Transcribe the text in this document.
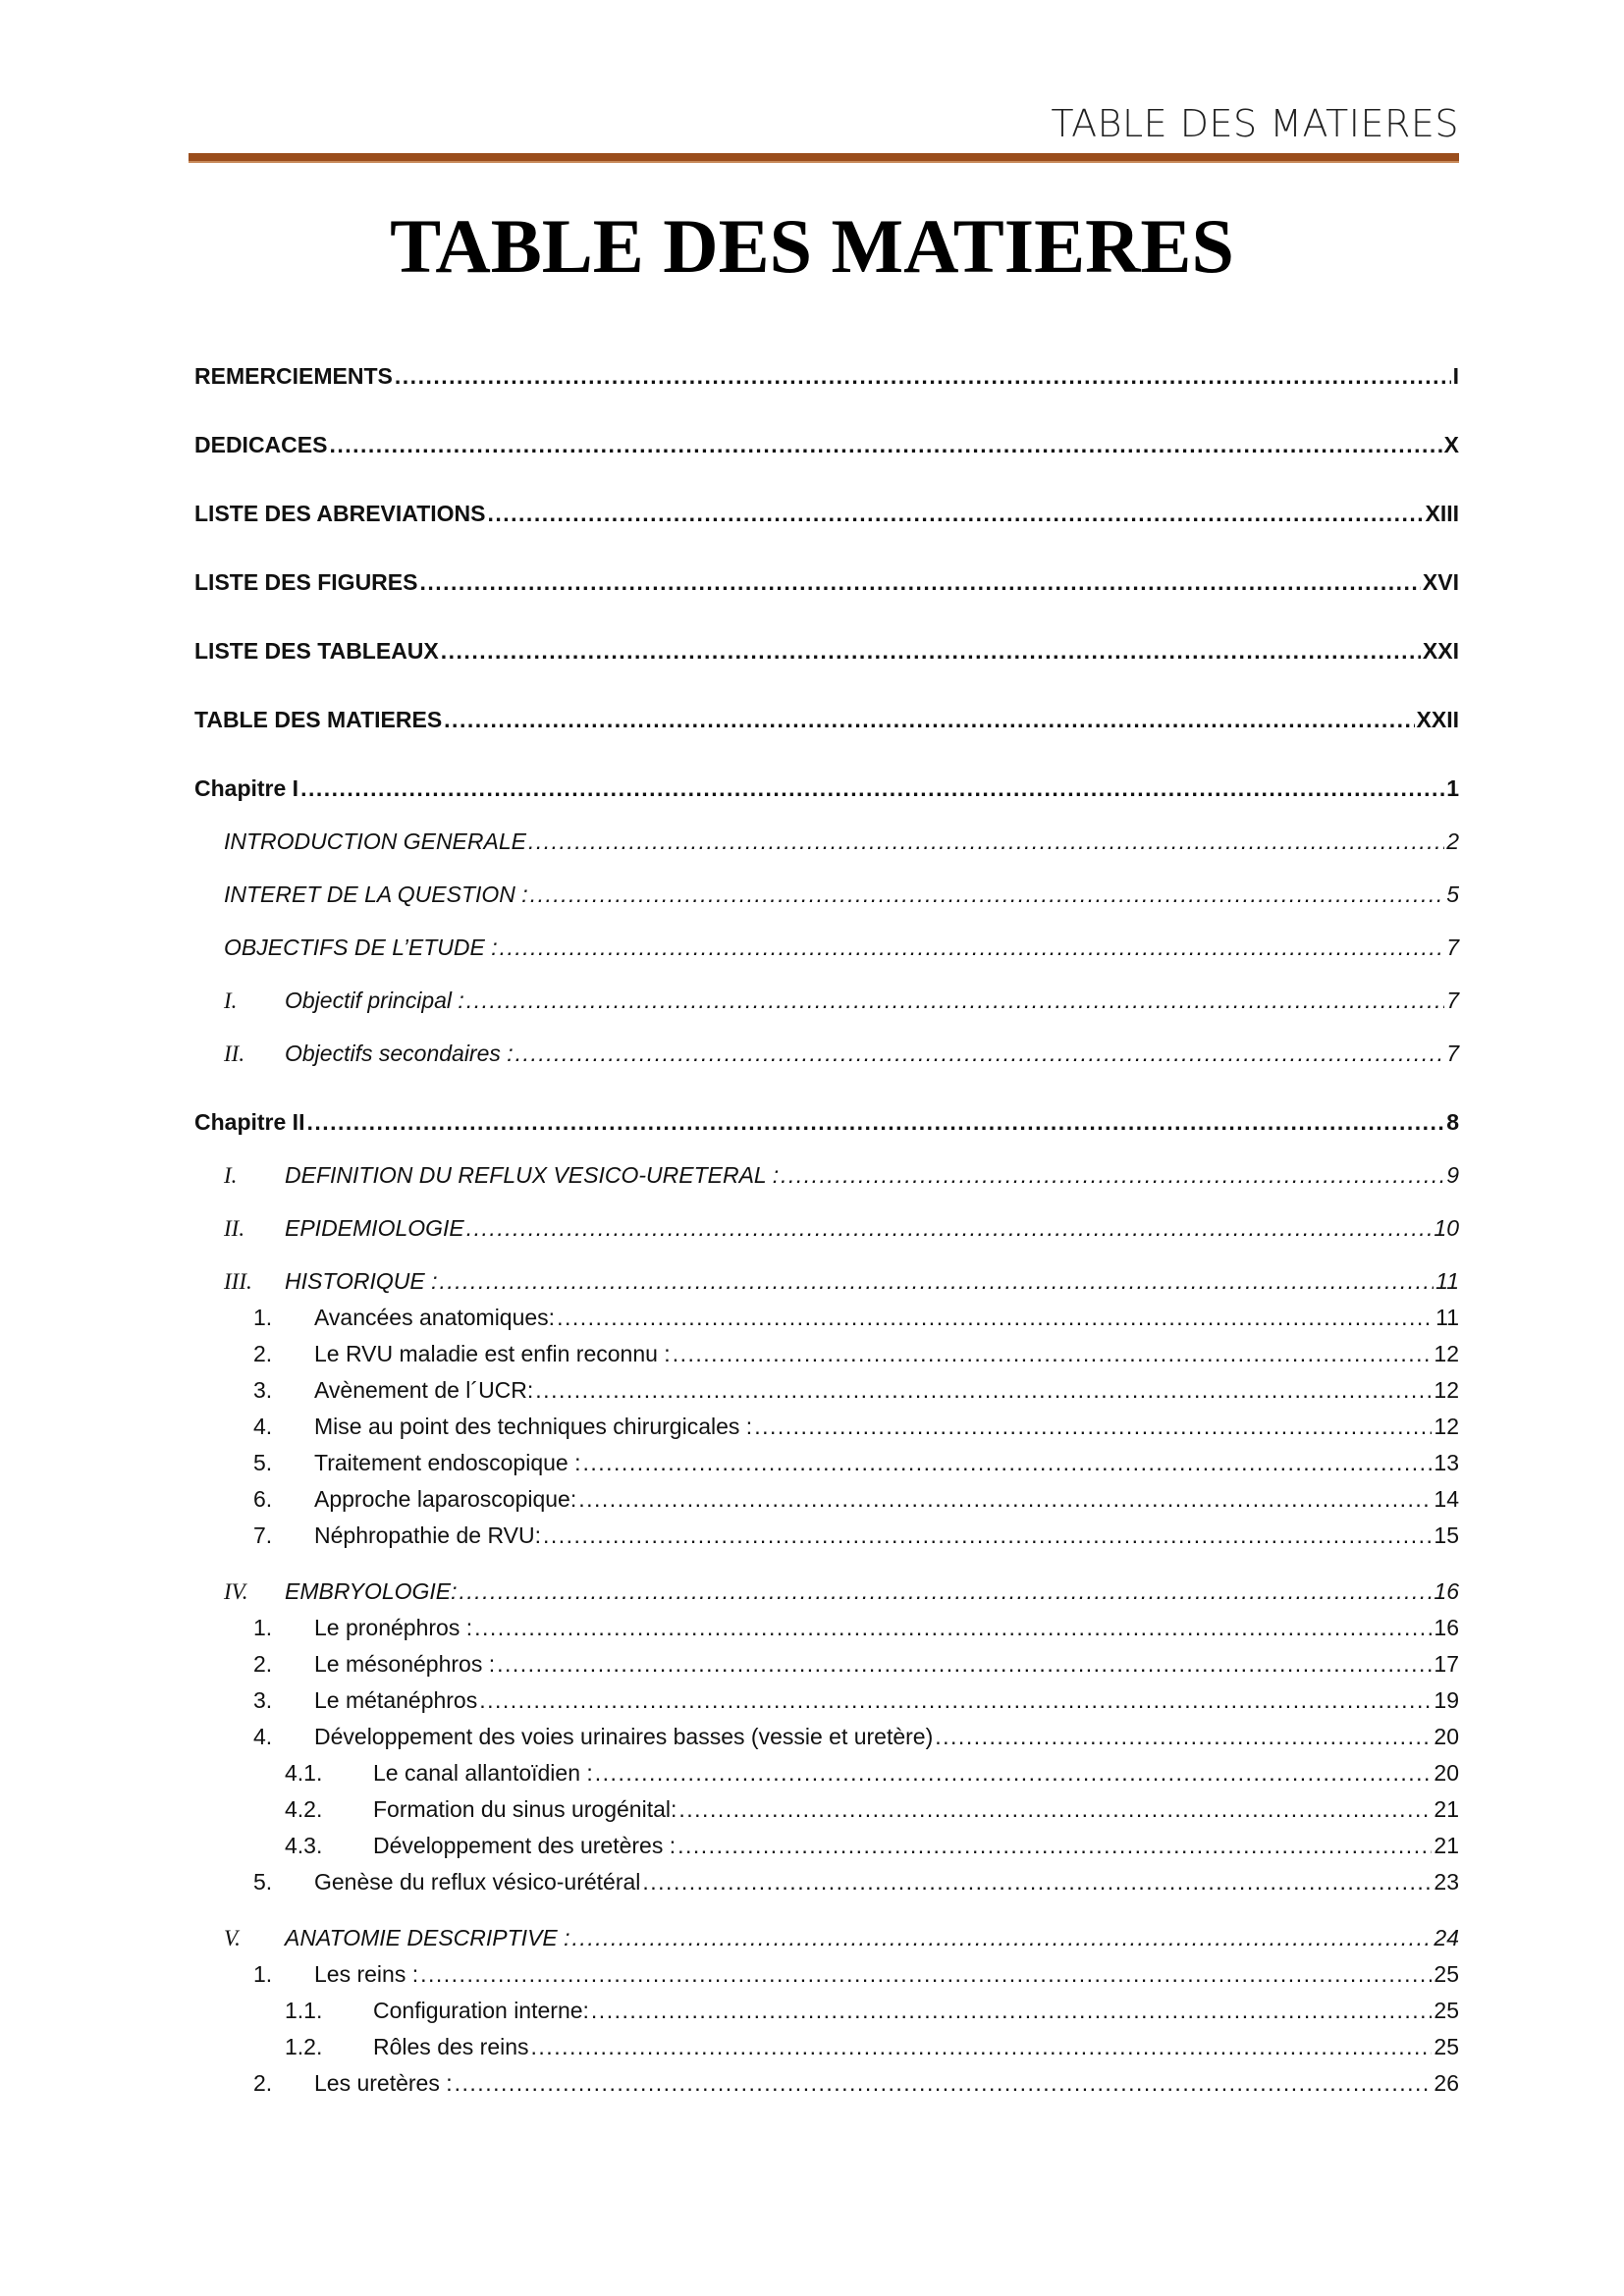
TABLE DES MATIERES
TABLE DES MATIERES
REMERCIEMENTS .....	I
DEDICACES .....	X
LISTE DES ABREVIATIONS .....	XIII
LISTE DES FIGURES .....	XVI
LISTE DES TABLEAUX .....	XXI
TABLE DES MATIERES .....	XXII
Chapitre I .....	1
INTRODUCTION GENERALE .....	2
INTERET DE LA QUESTION : .....	5
OBJECTIFS DE L’ETUDE : .....	7
I.	Objectif principal : .....	7
II.	Objectifs secondaires : .....	7
Chapitre II .....	8
I.	DEFINITION DU REFLUX VESICO-URETERAL : .....	9
II.	EPIDEMIOLOGIE .....	10
III.	HISTORIQUE : .....	11
1.	Avancées anatomiques: .....	11
2.	Le RVU maladie est enfin reconnu : .....	12
3.	Avènement de l´UCR: .....	12
4.	Mise au point des techniques chirurgicales : .....	12
5.	Traitement endoscopique : .....	13
6.	Approche laparoscopique: .....	14
7.	Néphropathie de RVU: .....	15
IV.	EMBRYOLOGIE: .....	16
1.	Le pronéphros : .....	16
2.	Le mésonéphros : .....	17
3.	Le métanéphros .....	19
4.	Développement des voies urinaires basses (vessie et uretère) .....	20
4.1.	Le canal allantoïdien : .....	20
4.2.	Formation du sinus urogénital: .....	21
4.3.	Développement des uretères : .....	21
5.	Genèse du reflux vésico-urétéral .....	23
V.	ANATOMIE DESCRIPTIVE : .....	24
1.	Les reins : .....	25
1.1.	Configuration interne: .....	25
1.2.	Rôles des reins .....	25
2.	Les uretères : .....	26
